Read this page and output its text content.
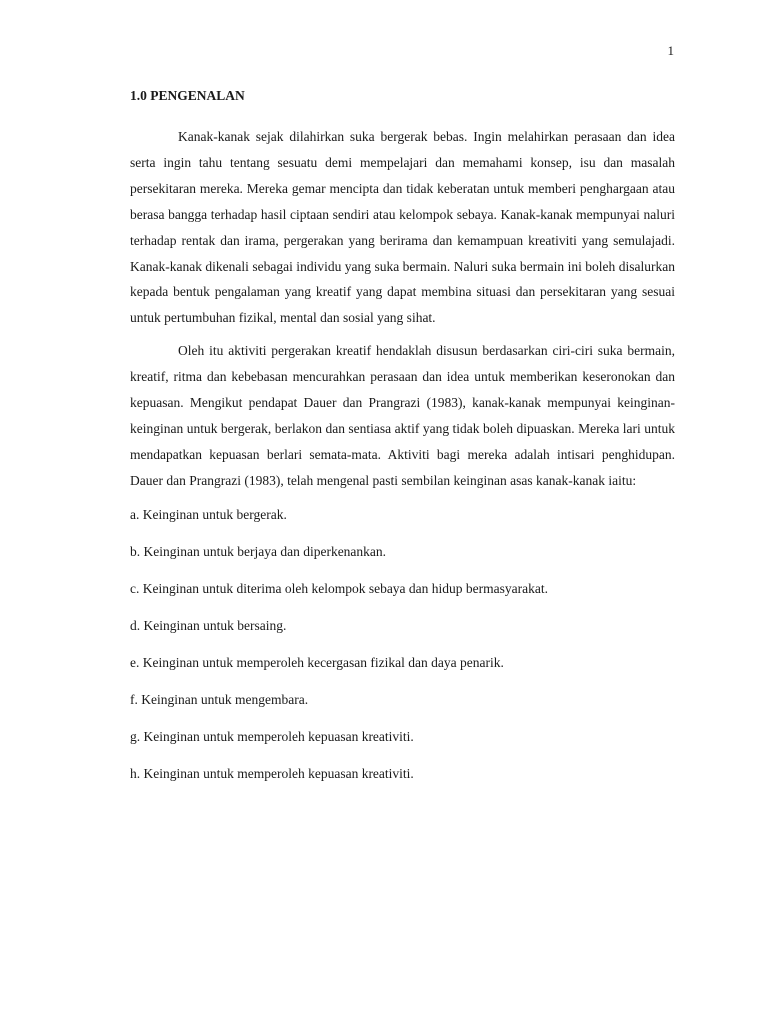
1
1.0 PENGENALAN

Kanak-kanak sejak dilahirkan suka bergerak bebas. Ingin melahirkan perasaan dan idea serta ingin tahu tentang sesuatu demi mempelajari dan memahami konsep, isu dan masalah persekitaran mereka. Mereka gemar mencipta dan tidak keberatan untuk memberi penghargaan atau berasa bangga terhadap hasil ciptaan sendiri atau kelompok sebaya. Kanak-kanak mempunyai naluri terhadap rentak dan irama, pergerakan yang berirama dan kemampuan kreativiti yang semulajadi. Kanak-kanak dikenali sebagai individu yang suka bermain. Naluri suka bermain ini boleh disalurkan kepada bentuk pengalaman yang kreatif yang dapat membina situasi dan persekitaran yang sesuai untuk pertumbuhan fizikal, mental dan sosial yang sihat.

Oleh itu aktiviti pergerakan kreatif hendaklah disusun berdasarkan ciri-ciri suka bermain, kreatif, ritma dan kebebasan mencurahkan perasaan dan idea untuk memberikan keseronokan dan kepuasan. Mengikut pendapat Dauer dan Prangrazi (1983), kanak-kanak mempunyai keinginan-keinginan untuk bergerak, berlakon dan sentiasa aktif yang tidak boleh dipuaskan. Mereka lari untuk mendapatkan kepuasan berlari semata-mata. Aktiviti bagi mereka adalah intisari penghidupan. Dauer dan Prangrazi (1983), telah mengenal pasti sembilan keinginan asas kanak-kanak iaitu:

a. Keinginan untuk bergerak.
b. Keinginan untuk berjaya dan diperkenankan.
c. Keinginan untuk diterima oleh kelompok sebaya dan hidup bermasyarakat.
d. Keinginan untuk bersaing.
e. Keinginan untuk memperoleh kecergasan fizikal dan daya penarik.
f. Keinginan untuk mengembara.
g. Keinginan untuk memperoleh kepuasan kreativiti.
h. Keinginan untuk memperoleh kepuasan kreativiti.
